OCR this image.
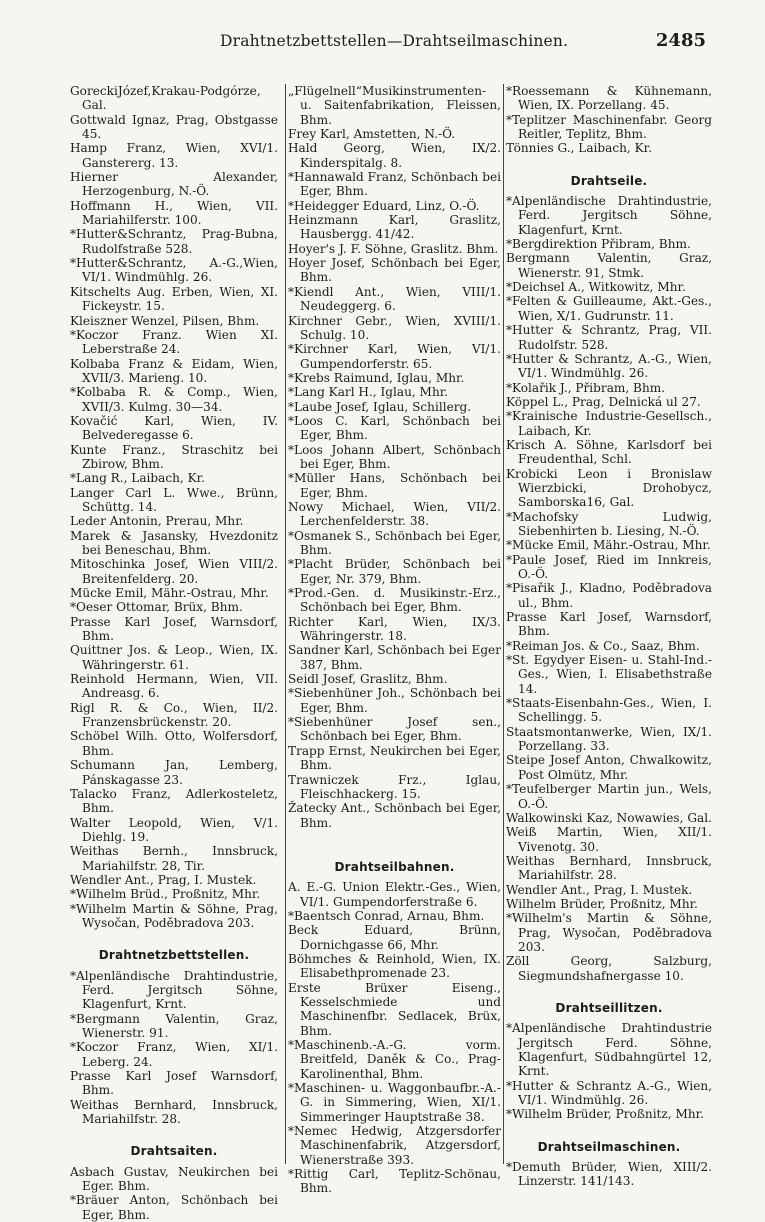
Drahtnetzbettstellen—Drahtseilmaschinen.	2485
GoreckiJózef,Krakau-Podgórze, Gal.
Gottwald Ignaz, Prag, Obstgasse 45.
Hamp Franz, Wien, XVI/1. Ganstererg. 13.
Hierner Alexander, Herzogenburg, N.-Ö.
Hoffmann H., Wien, VII. Mariahilferstr. 100.
*Hutter&Schrantz, Prag-Bubna, Rudolfstraße 528.
*Hutter&Schrantz, A.-G.,Wien, VI/1. Windmühlg. 26.
Kitschelts Aug. Erben, Wien, XI. Fickeystr. 15.
Kleiszner Wenzel, Pilsen, Bhm.
*Koczor Franz. Wien XI. Leberstraße 24.
Kolbaba Franz & Eidam, Wien, XVII/3. Marieng. 10.
*Kolbaba R. & Comp., Wien, XVII/3. Kulmg. 30—34.
Kovačić Karl, Wien, IV. Belvederegasse 6.
Kunte Franz., Straschitz bei Zbirow, Bhm.
*Lang R., Laibach, Kr.
Langer Carl L. Wwe., Brünn, Schüttg. 14.
Leder Antonin, Prerau, Mhr.
Marek & Jasansky, Hvezdonitz bei Beneschau, Bhm.
Mitoschinka Josef, Wien VIII/2. Breitenfelderg. 20.
Mücke Emil, Mähr.-Ostrau, Mhr.
*Oeser Ottomar, Brüx, Bhm.
Prasse Karl Josef, Warnsdorf, Bhm.
Quittner Jos. & Leop., Wien, IX. Währingerstr. 61.
Reinhold Hermann, Wien, VII. Andreasg. 6.
Rigl R. & Co., Wien, II/2. Franzensbrückenstr. 20.
Schöbel Wilh. Otto, Wolfersdorf, Bhm.
Schumann Jan, Lemberg, Pánskagasse 23.
Talacko Franz, Adlerkosteletz, Bhm.
Walter Leopold, Wien, V/1. Diehlg. 19.
Weithas Bernh., Innsbruck, Mariahilfstr. 28, Tir.
Wendler Ant., Prag, I. Mustek.
*Wilhelm Brüd., Proßnitz, Mhr.
*Wilhelm Martin & Söhne, Prag, Wysočan, Poděbradova 203.
Drahtnetzbettstellen.
*Alpenländische Drahtindustrie, Ferd. Jergitsch Söhne, Klagenfurt, Krnt.
*Bergmann Valentin, Graz, Wienerstr. 91.
*Koczor Franz, Wien, XI/1. Leberg. 24.
Prasse Karl Josef Warnsdorf, Bhm.
Weithas Bernhard, Innsbruck, Mariahilfstr. 28.
Drahtsaiten.
Asbach Gustav, Neukirchen bei Eger. Bhm.
*Bräuer Anton, Schönbach bei Eger, Bhm.
„Flügelnell“Musikinstrumenten- u. Saitenfabrikation, Fleissen, Bhm.
Frey Karl, Amstetten, N.-Ö.
Hald Georg, Wien, IX/2. Kinderspitalg. 8.
*Hannawald Franz, Schönbach bei Eger, Bhm.
*Heidegger Eduard, Linz, O.-Ö.
Heinzmann Karl, Graslitz, Hausbergg. 41/42.
Hoyer's J. F. Söhne, Graslitz. Bhm.
Hoyer Josef, Schönbach bei Eger, Bhm.
*Kiendl Ant., Wien, VIII/1. Neudeggerg. 6.
Kirchner Gebr., Wien, XVIII/1. Schulg. 10.
*Kirchner Karl, Wien, VI/1. Gumpendorferstr. 65.
*Krebs Raimund, Iglau, Mhr.
*Lang Karl H., Iglau, Mhr.
*Laube Josef, Iglau, Schillerg.
*Loos C. Karl, Schönbach bei Eger, Bhm.
*Loos Johann Albert, Schönbach bei Eger, Bhm.
*Müller Hans, Schönbach bei Eger, Bhm.
Nowy Michael, Wien, VII/2. Lerchenfelderstr. 38.
*Osmanek S., Schönbach bei Eger, Bhm.
*Placht Brüder, Schönbach bei Eger, Nr. 379, Bhm.
*Prod.-Gen. d. Musikinstr.-Erz., Schönbach bei Eger, Bhm.
Richter Karl, Wien, IX/3. Währingerstr. 18.
Sandner Karl, Schönbach bei Eger 387, Bhm.
Seidl Josef, Graslitz, Bhm.
*Siebenhüner Joh., Schönbach bei Eger, Bhm.
*Siebenhüner Josef sen., Schönbach bei Eger, Bhm.
Trapp Ernst, Neukirchen bei Eger, Bhm.
Trawniczek Frz., Iglau, Fleischhackerg. 15.
Žatecky Ant., Schönbach bei Eger, Bhm.
Drahtseilbahnen.
A. E.-G. Union Elektr.-Ges., Wien, VI/1. Gumpendorferstraße 6.
*Baentsch Conrad, Arnau, Bhm.
Beck Eduard, Brünn, Dornichgasse 66, Mhr.
Böhmches & Reinhold, Wien, IX. Elisabethpromenade 23.
Erste Brüxer Eiseng., Kesselschmiede und Maschinenfbr. Sedlacek, Brüx, Bhm.
*Maschinenb.-A.-G. vorm. Breitfeld, Daněk & Co., Prag-Karolinenthal, Bhm.
*Maschinen- u. Waggonbaufbr.-A.-G. in Simmering, Wien, XI/1. Simmeringer Hauptstraße 38.
*Nemec Hedwig, Atzgersdorfer Maschinenfabrik, Atzgersdorf, Wienerstraße 393.
*Rittig Carl, Teplitz-Schönau, Bhm.
*Roessemann & Kühnemann, Wien, IX. Porzellang. 45.
*Teplitzer Maschinenfabr. Georg Reitler, Teplitz, Bhm.
Tönnies G., Laibach, Kr.
Drahtseile.
*Alpenländische Drahtindustrie, Ferd. Jergitsch Söhne, Klagenfurt, Krnt.
*Bergdirektion Přibram, Bhm.
Bergmann Valentin, Graz, Wienerstr. 91, Stmk.
*Deichsel A., Witkowitz, Mhr.
*Felten & Guilleaume, Akt.-Ges., Wien, X/1. Gudrunstr. 11.
*Hutter & Schrantz, Prag, VII. Rudolfstr. 528.
*Hutter & Schrantz, A.-G., Wien, VI/1. Windmühlg. 26.
*Kolařik J., Přibram, Bhm.
Köppel L., Prag, Delnická ul 27.
*Krainische Industrie-Gesellsch., Laibach, Kr.
Krisch A. Söhne, Karlsdorf bei Freudenthal, Schl.
Krobicki Leon i Bronislaw Wierzbicki, Drohobycz, Samborska16, Gal.
*Machofsky Ludwig, Siebenhirten b. Liesing, N.-Ö.
*Mücke Emil, Mähr.-Ostrau, Mhr.
*Paule Josef, Ried im Innkreis, O.-Ö.
*Pisařik J., Kladno, Poděbradova ul., Bhm.
Prasse Karl Josef, Warnsdorf, Bhm.
*Reiman Jos. & Co., Saaz, Bhm.
*St. Egydyer Eisen- u. Stahl-Ind.-Ges., Wien, I. Elisabethstraße 14.
*Staats-Eisenbahn-Ges., Wien, I. Schellingg. 5.
Staatsmontanwerke, Wien, IX/1. Porzellang. 33.
Steipe Josef Anton, Chwalkowitz, Post Olmütz, Mhr.
*Teufelberger Martin jun., Wels, O.-Ö.
Walkowinski Kaz, Nowawies, Gal.
Weiß Martin, Wien, XII/1. Vivenotg. 30.
Weithas Bernhard, Innsbruck, Mariahilfstr. 28.
Wendler Ant., Prag, I. Mustek.
Wilhelm Brüder, Proßnitz, Mhr.
*Wilhelm's Martin & Söhne, Prag, Wysočan, Poděbradova 203.
Zöll Georg, Salzburg, Siegmundshafnergasse 10.
Drahtseillitzen.
*Alpenländische Drahtindustrie Jergitsch Ferd. Söhne, Klagenfurt, Südbahngürtel 12, Krnt.
*Hutter & Schrantz A.-G., Wien, VI/1. Windmühlg. 26.
*Wilhelm Brüder, Proßnitz, Mhr.
Drahtseilmaschinen.
*Demuth Brüder, Wien, XIII/2. Linzerstr. 141/143.
